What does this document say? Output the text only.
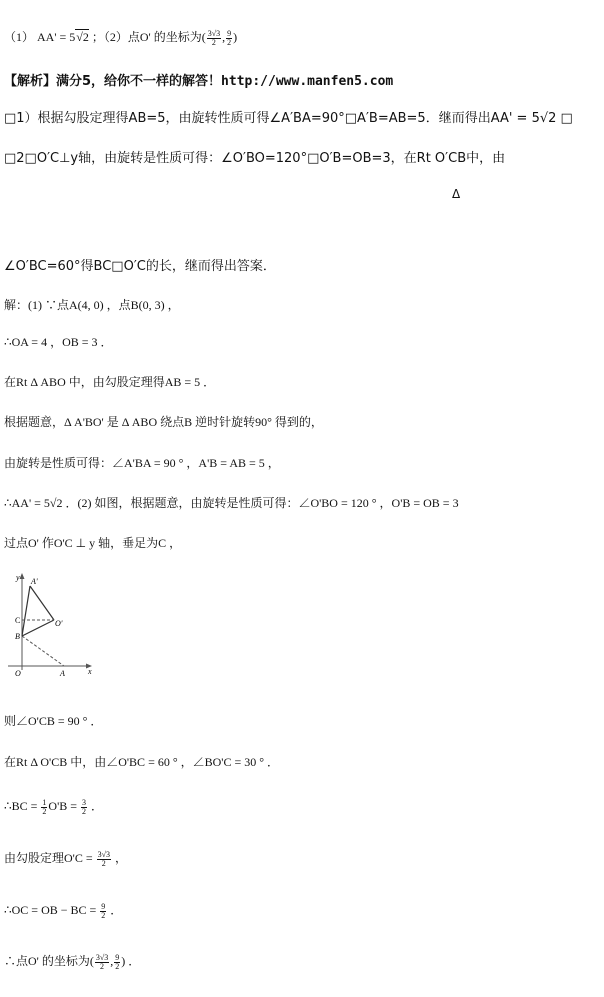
（1） AA' = 5√2 ；（2）点O' 的坐标为( $\frac{3√3}{2}$ , $\frac{9}{2}$ )
【解析】满分5，给你不一样的解答！http://www.manfen5.com
□1）根据勾股定理得AB=5，由旋转性质可得∠A′BA=90°□A′B=AB=5．继而得出AA' = 5√2 □
□2□O′C⊥y轴，由旋转是性质可得：∠O′BO=120°□O′B=OB=3，在Rt O′CB中，由
Δ
∠O′BC=60°得BC□O′C的长，继而得出答案．
解：(1) ∵点A(4, 0) ，点B(0, 3) ，
∴OA = 4 ，OB = 3 ．
在Rt Δ ABO 中，由勾股定理得AB = 5 ．
根据题意，Δ A'BO' 是 Δ ABO 绕点B 逆时针旋转90° 得到的，
由旋转是性质可得：∠A'BA = 90 ° ，A'B = AB = 5 ，
∴AA' = 5√2 ．(2) 如图，根据题意，由旋转是性质可得：∠O'BO = 120 ° ，O'B = OB = 3
过点O' 作O'C ⊥ y 轴，垂足为C ，
y
x
A'
C	O'
B
O	A
则∠O'CB = 90 ° ．
在Rt Δ O'CB 中，由∠O'BC = 60 ° ，∠BO'C = 30 ° ．
∴BC = $\frac{1}{2} O'B = \frac{3}{2}$ ．
由勾股定理$O'C = \frac{3√3}{2}$ ，
∴OC = OB − BC = $\frac{9}{2}$ ．
∴点O' 的坐标为( $\frac{3√3}{2}$ , $\frac{9}{2}$ ) ．
